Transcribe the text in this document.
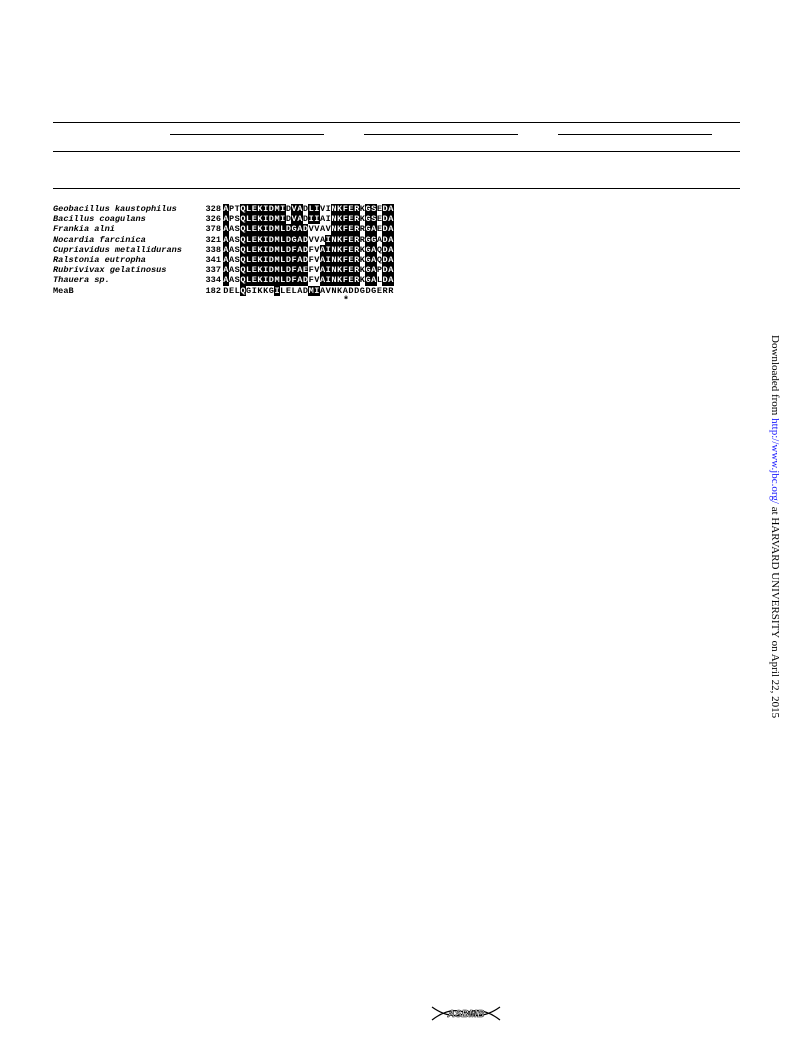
Geobacillus kaustophilus	328 A P T Q L E K I D M I D V A D L I V I N K F E R K G S E D A
Bacillus coagulans	326 A P S Q L E K I D M I D V A D I I A I N K F E R K G S E D A
Frankia alni	378 A A S Q L E K I D M L D G A D V V A V N K F E R R G A E D A
Nocardia farcinica	321 A A S Q L E K I D M L D G A D V V A I N K F E R R G G A D A
Cupriavidus metallidurans	338 A A S Q L E K I D M L D F A D F V A I N K F E R K G A Q D A
Ralstonia eutropha	341 A A S Q L E K I D M L D F A D F V A I N K F E R K G A Q D A
Rubrivivax gelatinosus	337 A A S Q L E K I D M L D F A E F V A I N K F E R K G A P D A
Thauera sp.	334 A A S Q L E K I D M L D F A D F V A I N K F E R K G A L D A
MeaB	182 D E L Q G I K K G I L E L A D M I A V N K A D D G D G E R R
*
Downloaded from http://www.jbc.org/ at HARVARD UNIVERSITY on April 22, 2015
ASBMB
